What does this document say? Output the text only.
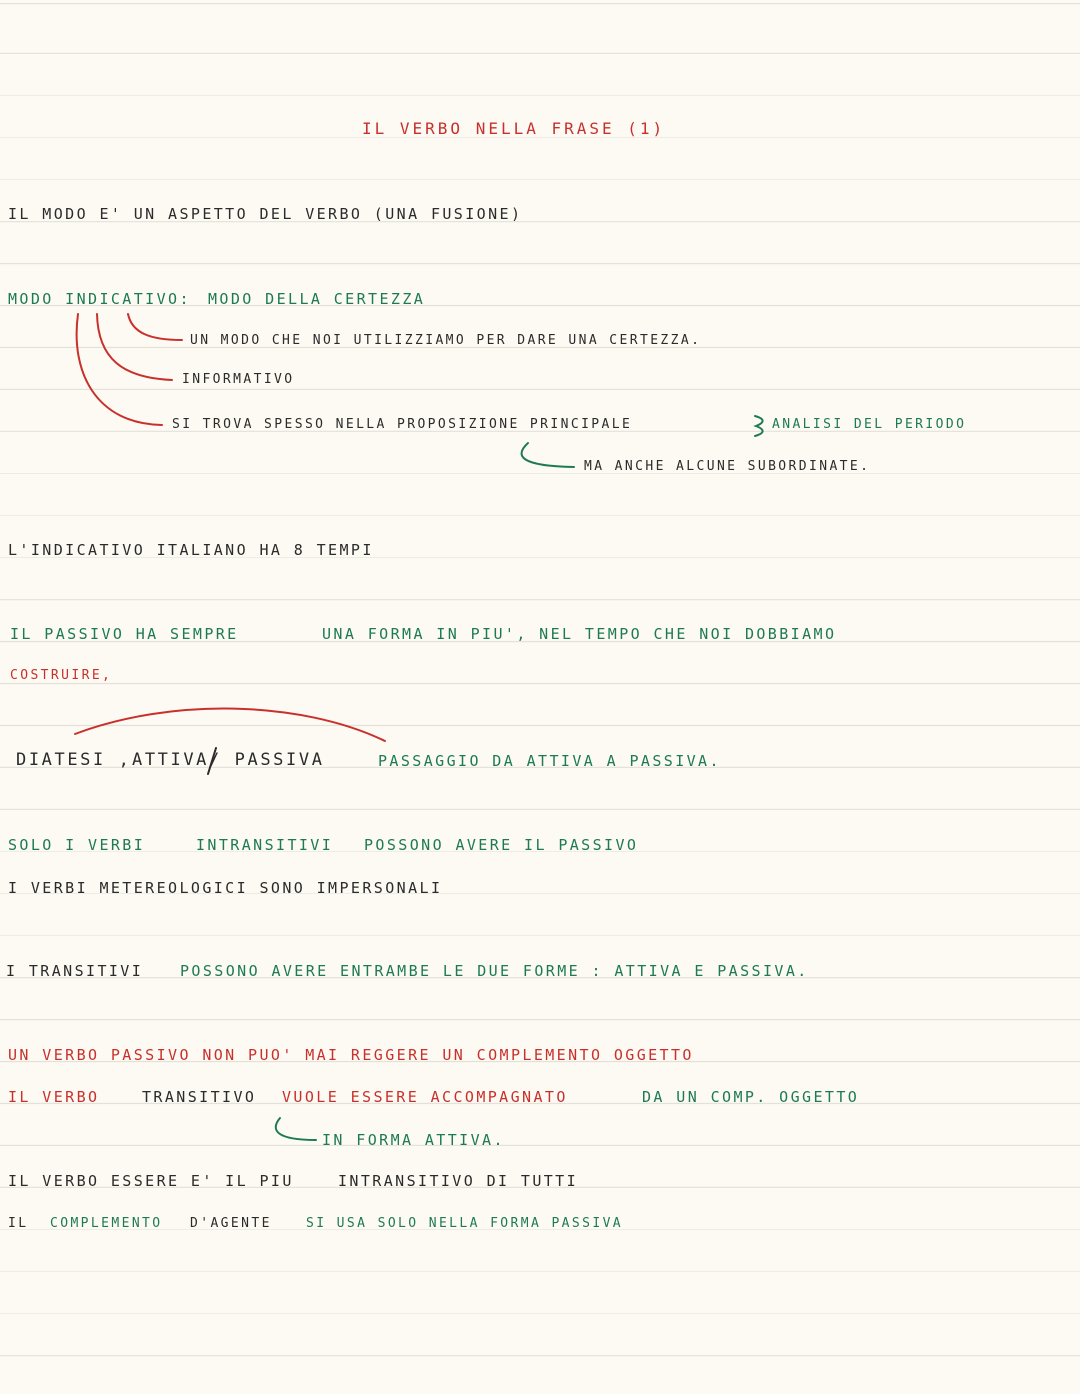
IL VERBO NELLA FRASE (1)
IL MODO E' UN ASPETTO DEL VERBO (UNA FUSIONE)
MODO INDICATIVO: MODO DELLA CERTEZZA
UN MODO CHE NOI UTILIZZIAMO PER DARE UNA CERTEZZA.
INFORMATIVO
SI TROVA SPESSO NELLA PROPOSIZIONE PRINCIPALE	ANALISI DEL PERIODO
MA ANCHE ALCUNE SUBORDINATE.
L'INDICATIVO ITALIANO HA 8 TEMPI
IL PASSIVO HA SEMPRE	UNA FORMA IN PIU', NEL TEMPO CHE NOI DOBBIAMO
COSTRUIRE,
DIATESI , ATTIVA/ PASSIVA	PASSAGGIO DA ATTIVA A PASSIVA.
SOLO I VERBI	INTRANSITIVI POSSONO AVERE IL PASSIVO
I VERBI METEREOLOGICI SONO IMPERSONALI
I TRANSITIVI POSSONO AVERE ENTRAMBE LE DUE FORME : ATTIVA E PASSIVA.
UN VERBO PASSIVO NON PUO' MAI REGGERE UN COMPLEMENTO OGGETTO
IL VERBO	TRANSITIVO VUOLE ESSERE ACCOMPAGNATO	DA UN COMP. OGGETTO
IN FORMA ATTIVA.
IL VERBO ESSERE E' IL PIU	INTRANSITIVO DI TUTTI
IL COMPLEMENTO D'AGENTE	SI USA SOLO NELLA FORMA PASSIVA
